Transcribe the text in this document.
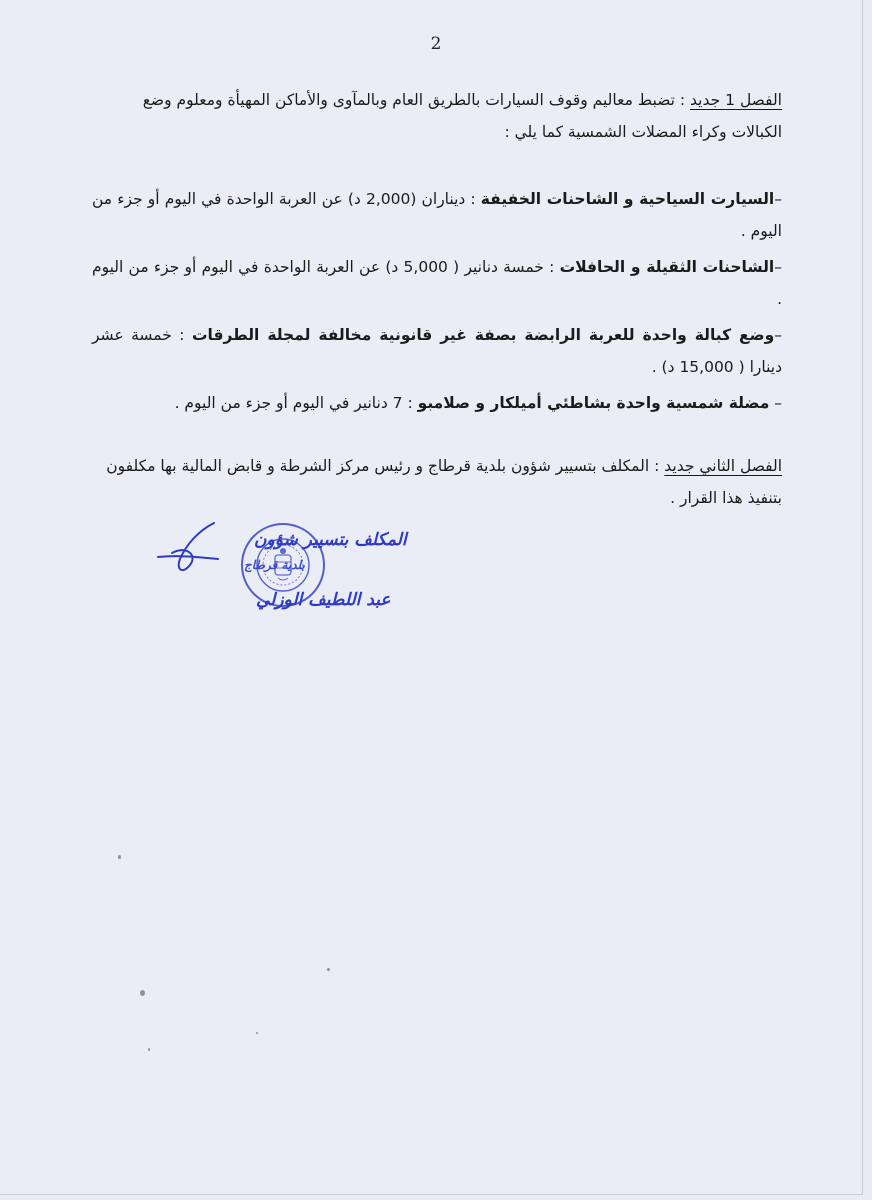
2
الفصل 1 جديد : تضبط معاليم وقوف السيارات بالطريق العام وبالمآوى والأماكن المهيأة ومعلوم وضع
الكبالات وكراء المضلات الشمسية كما يلي :
–السيارت السياحية و الشاحنات الخفيفة : ديناران (2,000 د) عن العربة الواحدة في اليوم أو جزء من اليوم .
–الشاحنات الثقيلة و الحافلات : خمسة دنانير ( 5,000 د) عن العربة الواحدة في اليوم أو جزء من اليوم .
–وضع كبالة واحدة للعربة الرابضة بصفة غير قانونية مخالفة لمجلة الطرقات : خمسة عشر دينارا ( 15,000 د) .
– مضلة شمسية واحدة بشاطئي أميلكار و صلامبو : 7 دنانير في اليوم أو جزء من اليوم .
الفصل الثاني جديد : المكلف بتسيير شؤون بلدية قرطاج و رئيس مركز الشرطة و قابض المالية بها مكلفون بتنفيذ هذا القرار .
المكلف بتسيير شؤون
بلدية قرطاج
عبد اللطيف الوزلي
